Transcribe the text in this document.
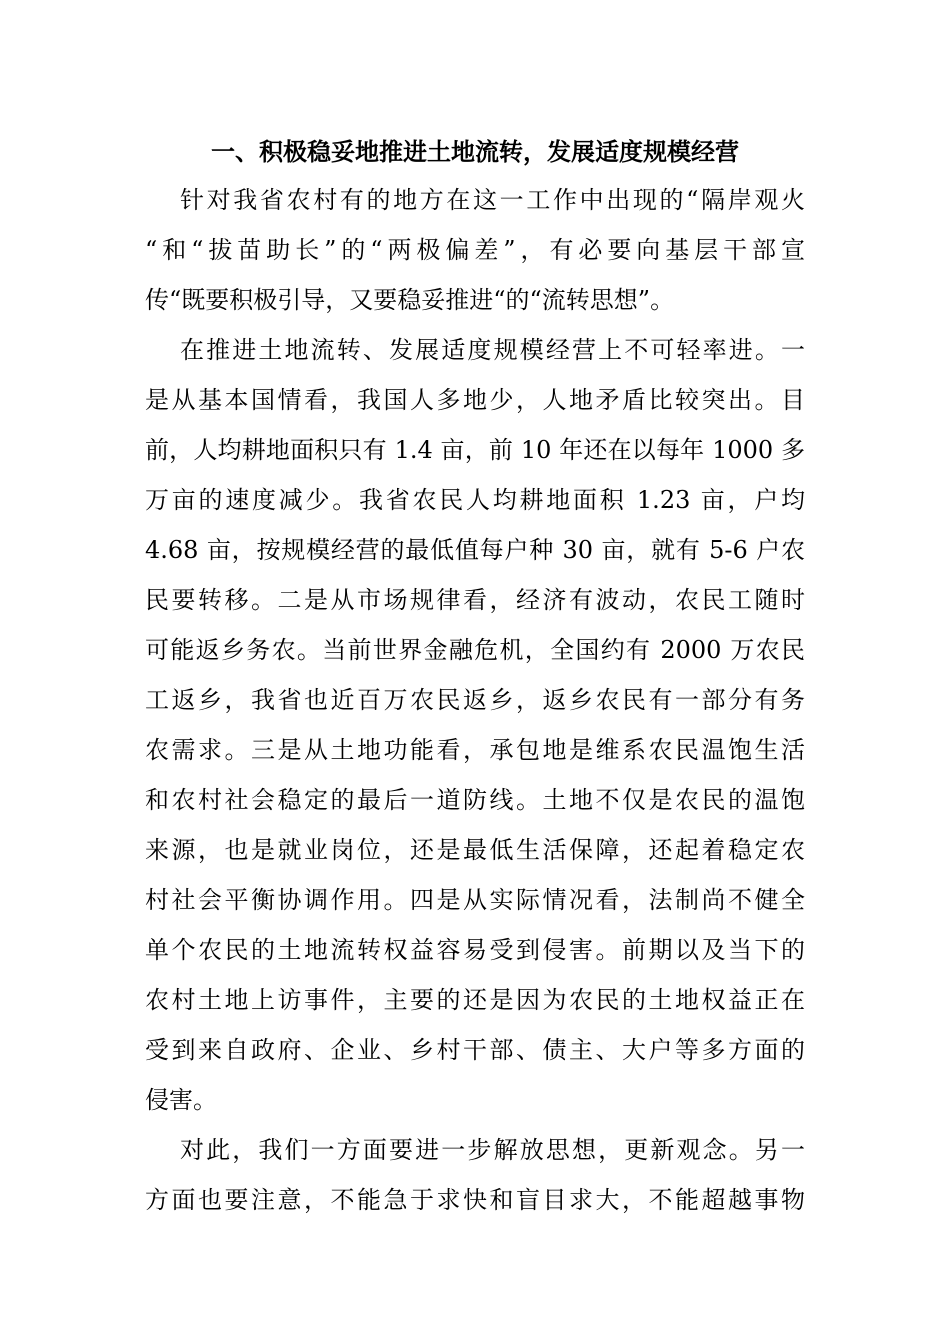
一、积极稳妥地推进土地流转，发展适度规模经营
针对我省农村有的地方在这一工作中出现的“隔岸观火
“和“拔苗助长”的“两极偏差”，有必要向基层干部宣
传“既要积极引导，又要稳妥推进“的“流转思想”。
在推进土地流转、发展适度规模经营上不可轻率进。一
是从基本国情看，我国人多地少，人地矛盾比较突出。目
前，人均耕地面积只有 1.4 亩，前 10 年还在以每年 1000 多
万亩的速度减少。我省农民人均耕地面积 1.23 亩，户均
4.68 亩，按规模经营的最低值每户种 30 亩，就有 5-6 户农
民要转移。二是从市场规律看，经济有波动，农民工随时
可能返乡务农。当前世界金融危机，全国约有 2000 万农民
工返乡，我省也近百万农民返乡，返乡农民有一部分有务
农需求。三是从土地功能看，承包地是维系农民温饱生活
和农村社会稳定的最后一道防线。土地不仅是农民的温饱
来源，也是就业岗位，还是最低生活保障，还起着稳定农
村社会平衡协调作用。四是从实际情况看，法制尚不健全
单个农民的土地流转权益容易受到侵害。前期以及当下的
农村土地上访事件，主要的还是因为农民的土地权益正在
受到来自政府、企业、乡村干部、债主、大户等多方面的
侵害。
对此，我们一方面要进一步解放思想，更新观念。另一
方面也要注意，不能急于求快和盲目求大，不能超越事物
